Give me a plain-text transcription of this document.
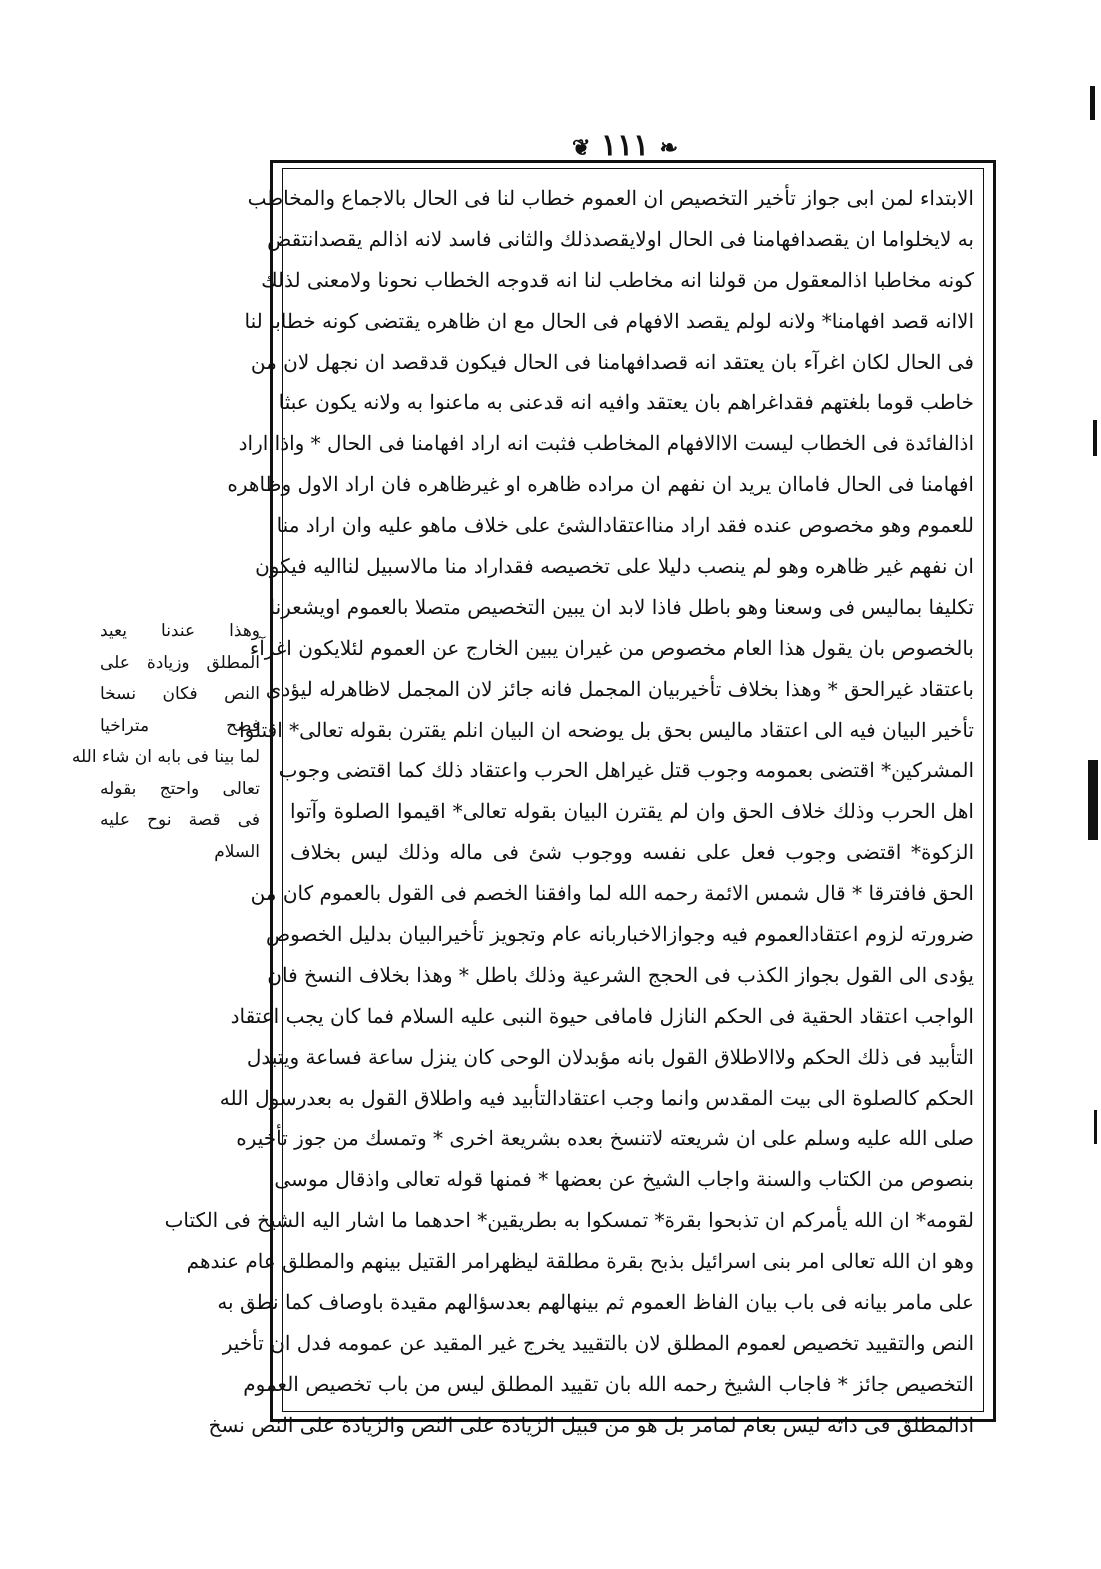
❦ ١١١ ❧
الابتداء لمن ابى جواز تأخير التخصيص ان العموم خطاب لنا فى الحال بالاجماع والمخاطب
به لايخلواما ان يقصدافهامنا فى الحال اولايقصدذلك والثانى فاسد لانه اذالم يقصدانتقض
كونه مخاطبا اذالمعقول من قولنا انه مخاطب لنا انه قدوجه الخطاب نحونا ولامعنى لذلك
الاانه قصد افهامنا* ولانه لولم يقصد الافهام فى الحال مع ان ظاهره يقتضى كونه خطابا لنا
فى الحال لكان اغرآء بان يعتقد انه قصدافهامنا فى الحال فيكون قدقصد ان نجهل لان من
خاطب قوما بلغتهم فقداغراهم بان يعتقد وافيه انه قدعنى به ماعنوا به ولانه يكون عبثا
اذالفائدة فى الخطاب ليست الاالافهام المخاطب فثبت انه اراد افهامنا فى الحال * واذا اراد
افهامنا فى الحال فاماان يريد ان نفهم ان مراده ظاهره او غيرظاهره فان اراد الاول وظاهره
للعموم وهو مخصوص عنده فقد اراد منااعتقادالشئ على خلاف ماهو عليه وان اراد منا
ان نفهم غير ظاهره وهو لم ينصب دليلا على تخصيصه فقداراد منا مالاسبيل لنااليه فيكون
تكليفا بماليس فى وسعنا وهو باطل فاذا لابد ان يبين التخصيص متصلا بالعموم اويشعرنا
بالخصوص بان يقول هذا العام مخصوص من غيران يبين الخارج عن العموم لئلايكون اغرآء
باعتقاد غيرالحق * وهذا بخلاف تأخيربيان المجمل فانه جائز لان المجمل لاظاهرله ليؤدى
تأخير البيان فيه الى اعتقاد ماليس بحق بل يوضحه ان البيان انلم يقترن بقوله تعالى* اقتلوا
المشركين* اقتضى بعمومه وجوب قتل غيراهل الحرب واعتقاد ذلك كما اقتضى وجوب
اهل الحرب وذلك خلاف الحق وان لم يقترن البيان بقوله تعالى* اقيموا الصلوة وآتوا
الزكوة* اقتضى وجوب فعل على نفسه ووجوب شئ فى ماله وذلك ليس بخلاف
الحق فافترقا * قال شمس الائمة رحمه الله لما وافقنا الخصم فى القول بالعموم كان من
ضرورته لزوم اعتقادالعموم فيه وجوازالاخباربانه عام وتجويز تأخيرالبيان بدليل الخصوص
يؤدى الى القول بجواز الكذب فى الحجج الشرعية وذلك باطل * وهذا بخلاف النسخ فان
الواجب اعتقاد الحقية فى الحكم النازل فامافى حيوة النبى عليه السلام فما كان يجب اعتقاد
التأبيد فى ذلك الحكم ولاالاطلاق القول بانه مؤبدلان الوحى كان ينزل ساعة فساعة ويتبدل
الحكم كالصلوة الى بيت المقدس وانما وجب اعتقادالتأبيد فيه واطلاق القول به بعدرسول الله
صلى الله عليه وسلم على ان شريعته لاتنسخ بعده بشريعة اخرى * وتمسك من جوز تأخيره
بنصوص من الكتاب والسنة واجاب الشيخ عن بعضها * فمنها قوله تعالى واذقال موسى
لقومه* ان الله يأمركم ان تذبحوا بقرة* تمسكوا به بطريقين* احدهما ما اشار اليه الشيخ فى الكتاب
وهو ان الله تعالى امر بنى اسرائيل بذبح بقرة مطلقة ليظهرامر القتيل بينهم والمطلق عام عندهم
على مامر بيانه فى باب بيان الفاظ العموم ثم بينهالهم بعدسؤالهم مقيدة باوصاف كما نطق به
النص والتقييد تخصيص لعموم المطلق لان بالتقييد يخرج غير المقيد عن عمومه فدل ان تأخير
التخصيص جائز * فاجاب الشيخ رحمه الله بان تقييد المطلق ليس من باب تخصيص العموم
اذالمطلق فى ذاته ليس بعام لمامر بل هو من قبيل الزيادة على النص والزيادة على النص نسخ
وهذا عندنا يعيد
المطلق وزيادة على
النص فكان نسخا
فصح متراخيا
لما بينا فى بابه ان شاء الله
تعالى واحتج بقوله
فى قصة نوح عليه
السلام
